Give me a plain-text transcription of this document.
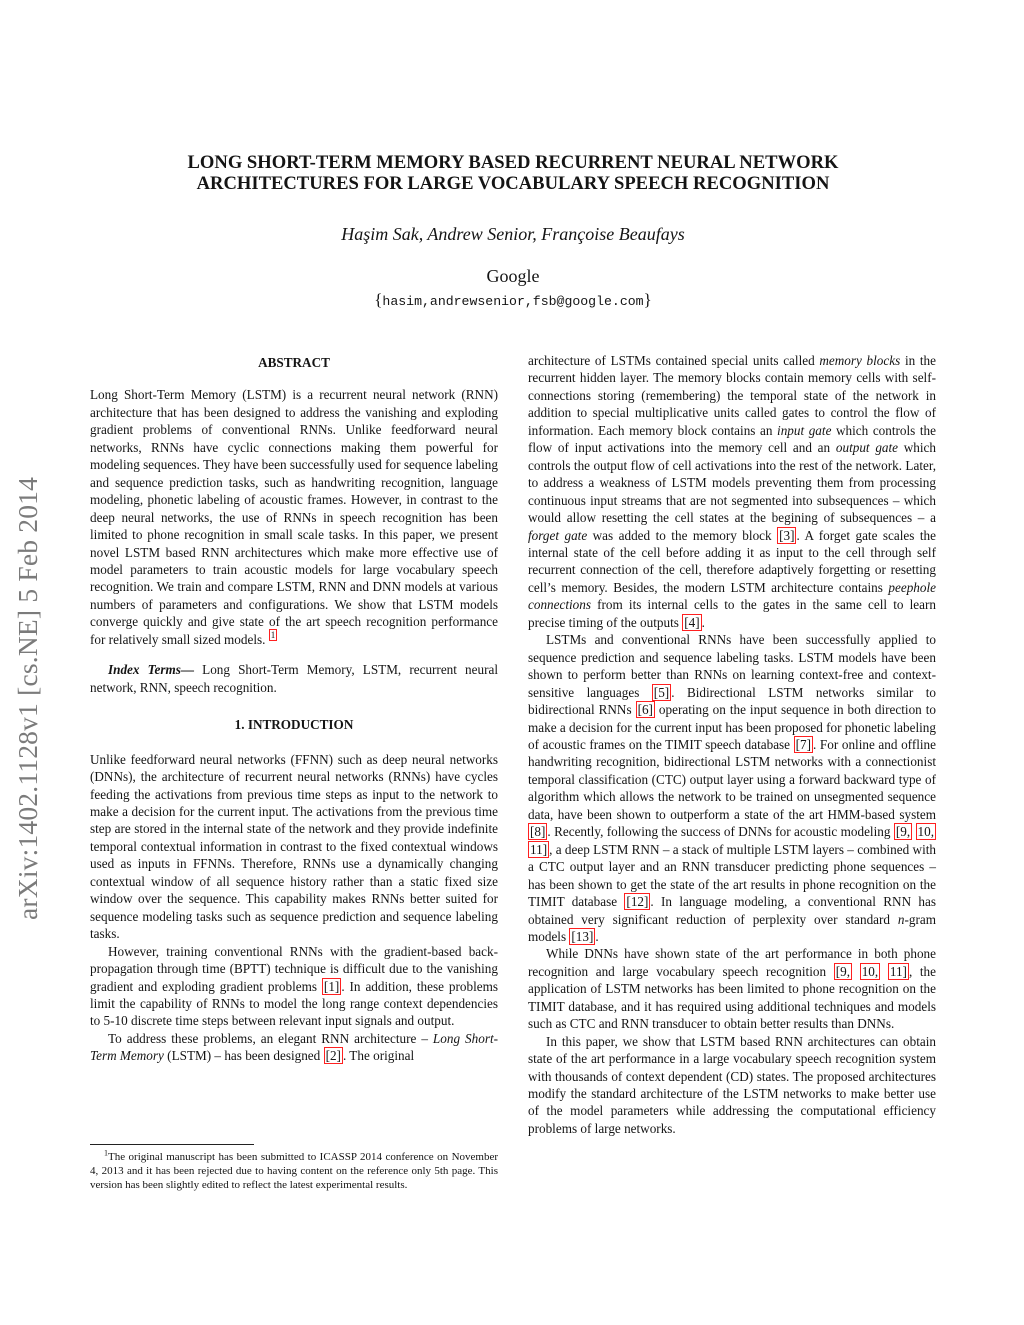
arXiv:1402.1128v1 [cs.NE] 5 Feb 2014
LONG SHORT-TERM MEMORY BASED RECURRENT NEURAL NETWORK
ARCHITECTURES FOR LARGE VOCABULARY SPEECH RECOGNITION
Haşim Sak, Andrew Senior, Françoise Beaufays
Google
{hasim,andrewsenior,fsb@google.com}
ABSTRACT

Long Short-Term Memory (LSTM) is a recurrent neural network (RNN) architecture that has been designed to address the vanishing and exploding gradient problems of conventional RNNs. Unlike feedforward neural networks, RNNs have cyclic connections making them powerful for modeling sequences. They have been successfully used for sequence labeling and sequence prediction tasks, such as handwriting recognition, language modeling, phonetic labeling of acoustic frames. However, in contrast to the deep neural networks, the use of RNNs in speech recognition has been limited to phone recognition in small scale tasks. In this paper, we present novel LSTM based RNN architectures which make more effective use of model parameters to train acoustic models for large vocabulary speech recognition. We train and compare LSTM, RNN and DNN models at various numbers of parameters and configurations. We show that LSTM models converge quickly and give state of the art speech recognition performance for relatively small sized models. $^1$

Index Terms— Long Short-Term Memory, LSTM, recurrent neural network, RNN, speech recognition.

1. INTRODUCTION

Unlike feedforward neural networks (FFNN) such as deep neural networks (DNNs), the architecture of recurrent neural networks (RNNs) have cycles feeding the activations from previous time steps as input to the network to make a decision for the current input. The activations from the previous time step are stored in the internal state of the network and they provide indefinite temporal contextual information in contrast to the fixed contextual windows used as inputs in FFNNs. Therefore, RNNs use a dynamically changing contextual window of all sequence history rather than a static fixed size window over the sequence. This capability makes RNNs better suited for sequence modeling tasks such as sequence prediction and sequence labeling tasks.

However, training conventional RNNs with the gradient-based back-propagation through time (BPTT) technique is difficult due to the vanishing gradient and exploding gradient problems [1] . In addition, these problems limit the capability of RNNs to model the long range context dependencies to 5-10 discrete time steps between relevant input signals and output.

To address these problems, an elegant RNN architecture – Long Short-Term Memory (LSTM) – has been designed [2] . The original

$^1$The original manuscript has been submitted to ICASSP 2014 conference on November 4, 2013 and it has been rejected due to having content on the reference only 5th page. This version has been slightly edited to reflect the latest experimental results.

architecture of LSTMs contained special units called memory blocks in the recurrent hidden layer. The memory blocks contain memory cells with self-connections storing (remembering) the temporal state of the network in addition to special multiplicative units called gates to control the flow of information. Each memory block contains an input gate which controls the flow of input activations into the memory cell and an output gate which controls the output flow of cell activations into the rest of the network. Later, to address a weakness of LSTM models preventing them from processing continuous input streams that are not segmented into subsequences – which would allow resetting the cell states at the begining of subsequences – a forget gate was added to the memory block [3] . A forget gate scales the internal state of the cell before adding it as input to the cell through self recurrent connection of the cell, therefore adaptively forgetting or resetting cell’s memory. Besides, the modern LSTM architecture contains peephole connections from its internal cells to the gates in the same cell to learn precise timing of the outputs [4] .

LSTMs and conventional RNNs have been successfully applied to sequence prediction and sequence labeling tasks. LSTM models have been shown to perform better than RNNs on learning context-free and context-sensitive languages [5] . Bidirectional LSTM networks similar to bidirectional RNNs [6] operating on the input sequence in both direction to make a decision for the current input has been proposed for phonetic labeling of acoustic frames on the TIMIT speech database [7] . For online and offline handwriting recognition, bidirectional LSTM networks with a connectionist temporal classification (CTC) output layer using a forward backward type of algorithm which allows the network to be trained on unsegmented sequence data, have been shown to outperform a state of the art HMM-based system [8] . Recently, following the success of DNNs for acoustic modeling [9, 10, 11] , a deep LSTM RNN – a stack of multiple LSTM layers – combined with a CTC output layer and an RNN transducer predicting phone sequences – has been shown to get the state of the art results in phone recognition on the TIMIT database [12] . In language modeling, a conventional RNN has obtained very significant reduction of perplexity over standard n-gram models [13] .

While DNNs have shown state of the art performance in both phone recognition and large vocabulary speech recognition [9, 10, 11] , the application of LSTM networks has been limited to phone recognition on the TIMIT database, and it has required using additional techniques and models such as CTC and RNN transducer to obtain better results than DNNs.

In this paper, we show that LSTM based RNN architectures can obtain state of the art performance in a large vocabulary speech recognition system with thousands of context dependent (CD) states. The proposed architectures modify the standard architecture of the LSTM networks to make better use of the model parameters while addressing the computational efficiency problems of large networks.
